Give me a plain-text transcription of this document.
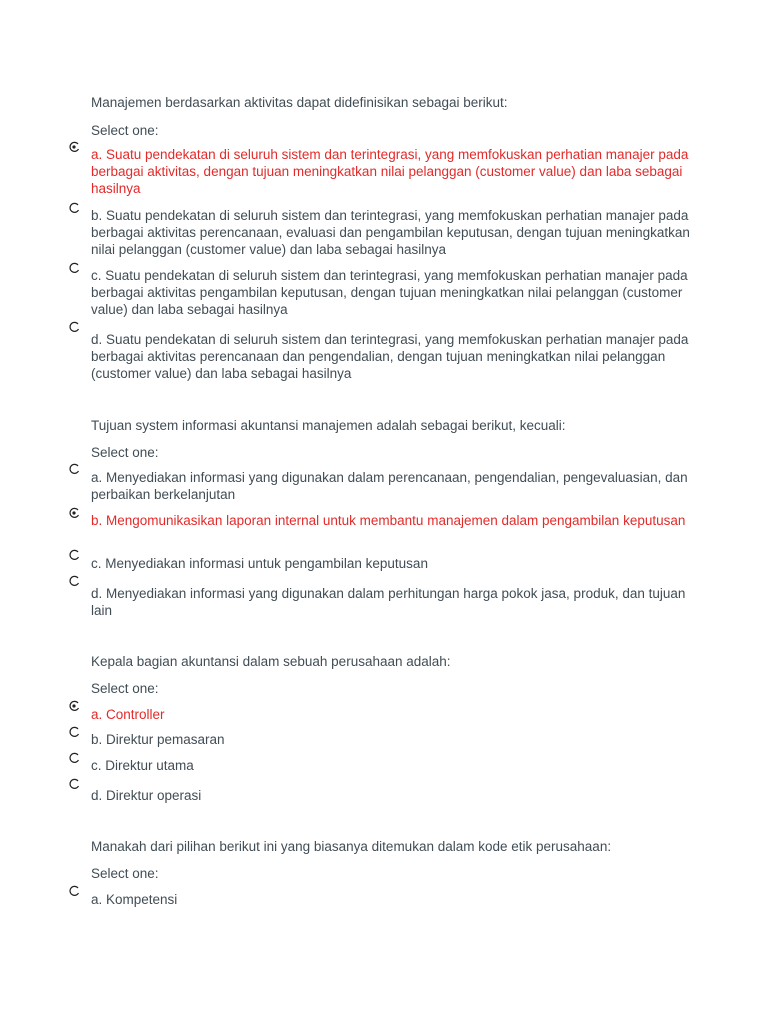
Manajemen berdasarkan aktivitas dapat didefinisikan sebagai berikut:
Select one:
a. Suatu pendekatan di seluruh sistem dan terintegrasi, yang memfokuskan perhatian manajer pada berbagai aktivitas, dengan tujuan meningkatkan nilai pelanggan (customer value) dan laba sebagai hasilnya
b. Suatu pendekatan di seluruh sistem dan terintegrasi, yang memfokuskan perhatian manajer pada berbagai aktivitas perencanaan, evaluasi dan pengambilan keputusan, dengan tujuan meningkatkan nilai pelanggan (customer value) dan laba sebagai hasilnya
c. Suatu pendekatan di seluruh sistem dan terintegrasi, yang memfokuskan perhatian manajer pada berbagai aktivitas pengambilan keputusan, dengan tujuan meningkatkan nilai pelanggan (customer value) dan laba sebagai hasilnya
d. Suatu pendekatan di seluruh sistem dan terintegrasi, yang memfokuskan perhatian manajer pada berbagai aktivitas perencanaan dan pengendalian, dengan tujuan meningkatkan nilai pelanggan (customer value) dan laba sebagai hasilnya
Tujuan system informasi akuntansi manajemen adalah sebagai berikut, kecuali:
Select one:
a. Menyediakan informasi yang digunakan dalam perencanaan, pengendalian, pengevaluasian, dan perbaikan berkelanjutan
b. Mengomunikasikan laporan internal untuk membantu manajemen dalam pengambilan keputusan
c. Menyediakan informasi untuk pengambilan keputusan
d. Menyediakan informasi yang digunakan dalam perhitungan harga pokok jasa, produk, dan tujuan lain
Kepala bagian akuntansi dalam sebuah perusahaan adalah:
Select one:
a. Controller
b. Direktur pemasaran
c. Direktur utama
d. Direktur operasi
Manakah dari pilihan berikut ini yang biasanya ditemukan dalam kode etik perusahaan:
Select one:
a. Kompetensi
